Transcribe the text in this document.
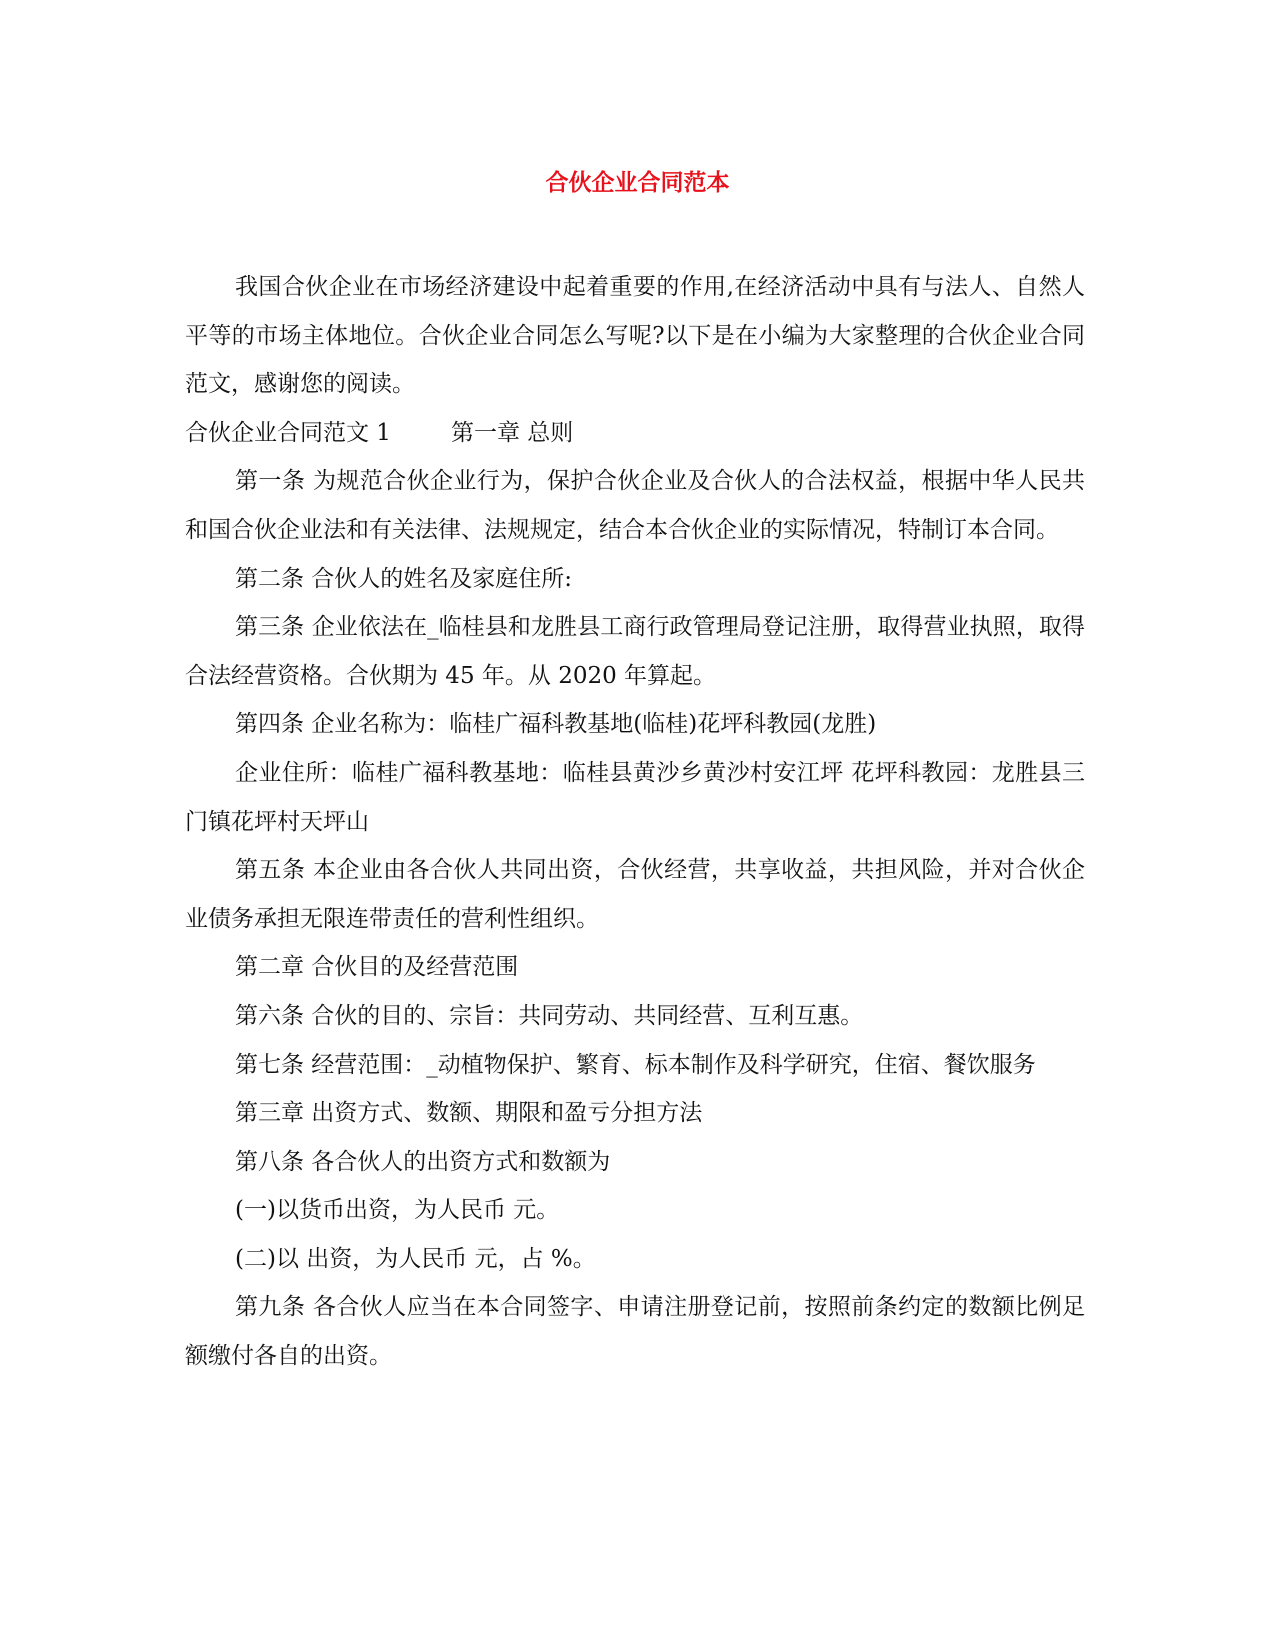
合伙企业合同范本

我国合伙企业在市场经济建设中起着重要的作用,在经济活动中具有与法人、自然人平等的市场主体地位。合伙企业合同怎么写呢?以下是在小编为大家整理的合伙企业合同范文，感谢您的阅读。

合伙企业合同范文 1	第一章 总则

第一条 为规范合伙企业行为，保护合伙企业及合伙人的合法权益，根据中华人民共和国合伙企业法和有关法律、法规规定，结合本合伙企业的实际情况，特制订本合同。

第二条 合伙人的姓名及家庭住所:

第三条 企业依法在_临桂县和龙胜县工商行政管理局登记注册，取得营业执照，取得合法经营资格。合伙期为 45 年。从 2020 年算起。

第四条 企业名称为：临桂广福科教基地(临桂)花坪科教园(龙胜)

企业住所：临桂广福科教基地：临桂县黄沙乡黄沙村安江坪 花坪科教园：龙胜县三门镇花坪村天坪山

第五条 本企业由各合伙人共同出资，合伙经营，共享收益，共担风险，并对合伙企业债务承担无限连带责任的营利性组织。

第二章 合伙目的及经营范围

第六条 合伙的目的、宗旨：共同劳动、共同经营、互利互惠。

第七条 经营范围：_动植物保护、繁育、标本制作及科学研究，住宿、餐饮服务

第三章 出资方式、数额、期限和盈亏分担方法

第八条 各合伙人的出资方式和数额为

(一)以货币出资，为人民币 元。

(二)以 出资，为人民币 元，占 %。

第九条 各合伙人应当在本合同签字、申请注册登记前，按照前条约定的数额比例足额缴付各自的出资。
